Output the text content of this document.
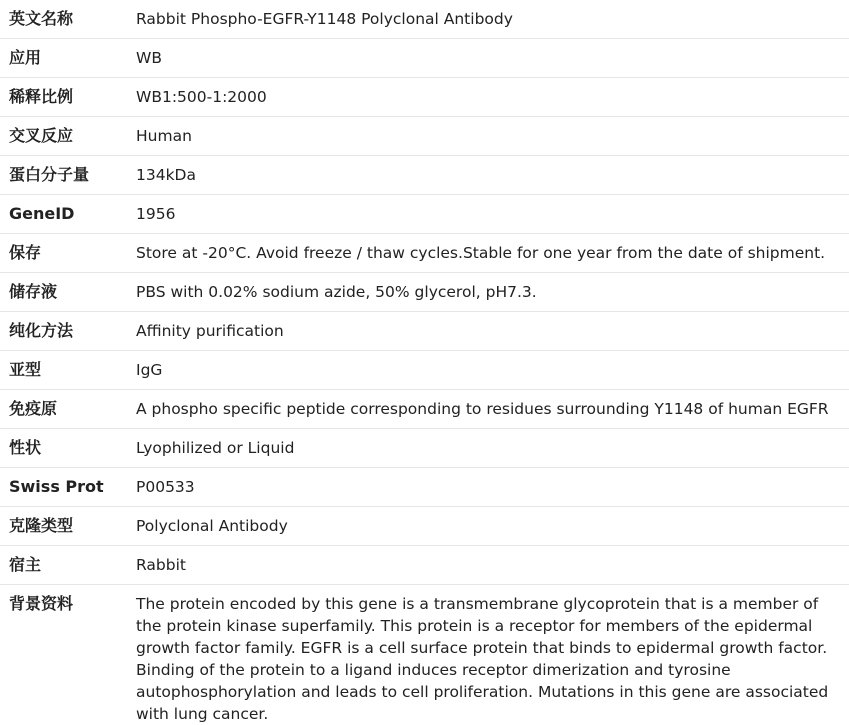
英文名称	Rabbit Phospho-EGFR-Y1148 Polyclonal Antibody
应用	WB
稀释比例	WB1:500-1:2000
交叉反应	Human
蛋白分子量	134kDa
GeneID	1956
保存	Store at -20°C. Avoid freeze / thaw cycles.Stable for one year from the date of shipment.
储存液	PBS with 0.02% sodium azide, 50% glycerol, pH7.3.
纯化方法	Affinity purification
亚型	IgG
免疫原	A phospho specific peptide corresponding to residues surrounding Y1148 of human EGFR
性状	Lyophilized or Liquid
Swiss Prot	P00533
克隆类型	Polyclonal Antibody
宿主	Rabbit
背景资料	The protein encoded by this gene is a transmembrane glycoprotein that is a member of the protein kinase superfamily. This protein is a receptor for members of the epidermal growth factor family. EGFR is a cell surface protein that binds to epidermal growth factor. Binding of the protein to a ligand induces receptor dimerization and tyrosine autophosphorylation and leads to cell proliferation. Mutations in this gene are associated with lung cancer.
